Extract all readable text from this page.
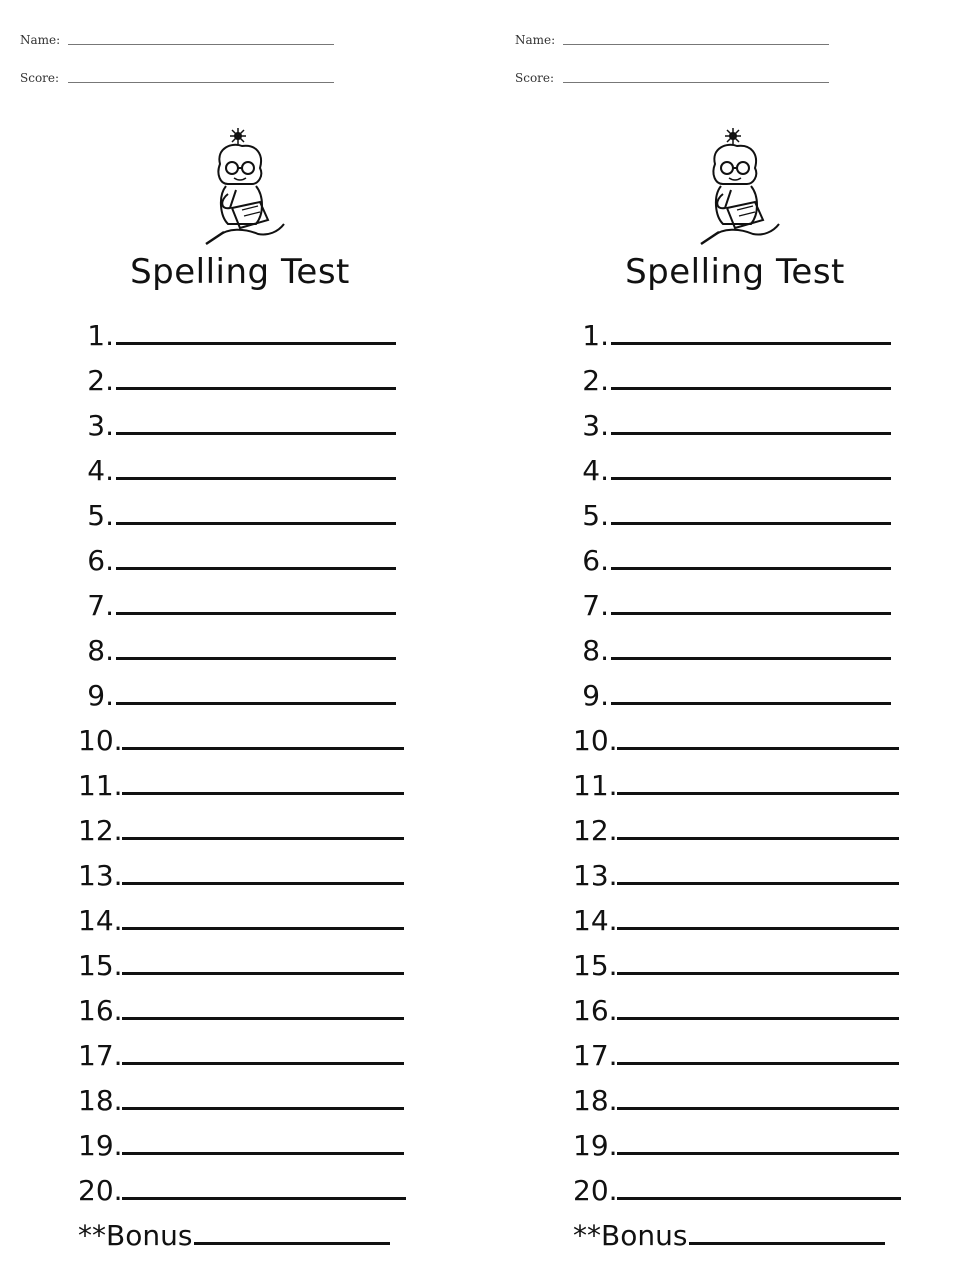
Name:
Score:
Spelling Test
1.
2.
3.
4.
5.
6.
7.
8.
9.
10.
11.
12.
13.
14.
15.
16.
17.
18.
19.
20.
**Bonus
Name:
Score:
Spelling Test
1.
2.
3.
4.
5.
6.
7.
8.
9.
10.
11.
12.
13.
14.
15.
16.
17.
18.
19.
20.
**Bonus
